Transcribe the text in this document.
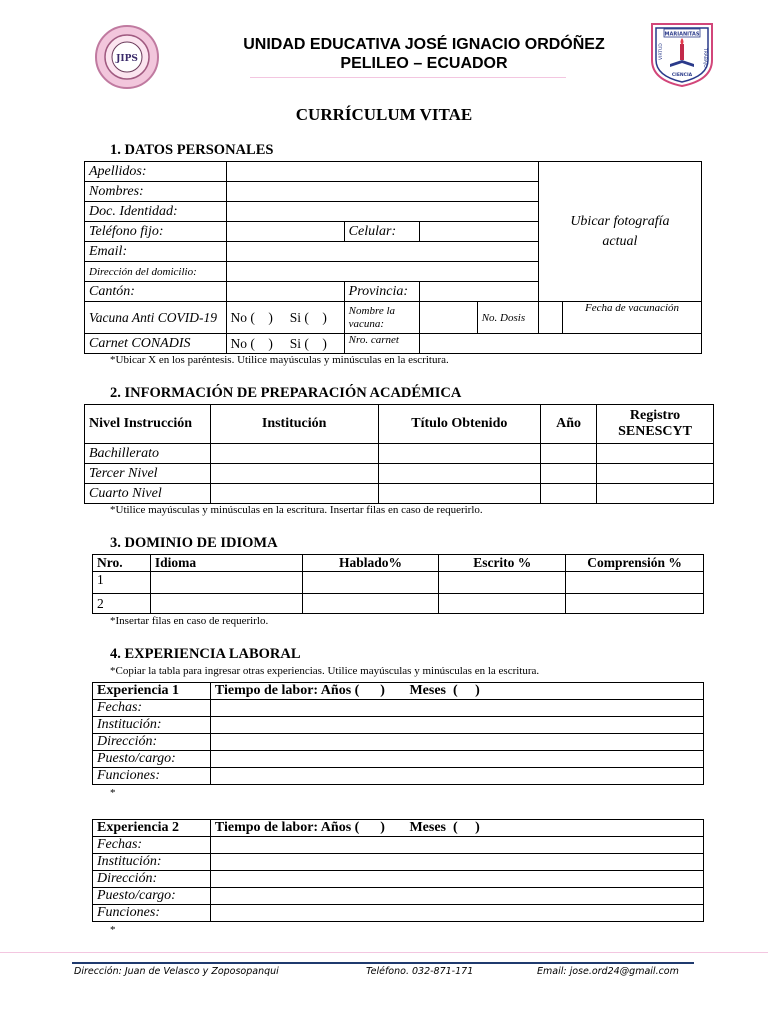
JIPS
UNIDAD EDUCATIVA JOSÉ IGNACIO ORDÓÑEZ
PELILEO – ECUADOR
MARIANITAS
VIRTUD	TRABAJO
CIENCIA
CURRÍCULUM VITAE
1. DATOS PERSONALES
Apellidos:					Ubicar fotografía actual	
Nombres:						
Doc. Identidad:						
Teléfono fijo:		Celular:				
Email:						
Dirección del domicilio:						
Cantón:		Provincia:				
Vacuna Anti COVID-19	No (    )     Si (    )	Nombre la vacuna:		No. Dosis		Fecha de vacunación
Carnet CONADIS	No (    )     Si (    )	Nro. carnet				
*Ubicar X en los paréntesis. Utilice mayúsculas y minúsculas en la escritura.
2. INFORMACIÓN DE PREPARACIÓN ACADÉMICA
Nivel Instrucción	Institución	Título Obtenido	Año	Registro SENESCYT
Bachillerato				
Tercer Nivel				
Cuarto Nivel				
*Utilice mayúsculas y minúsculas en la escritura. Insertar filas en caso de requerirlo.
3. DOMINIO DE IDIOMA
Nro.	Idioma	Hablado%	Escrito %	Comprensión %
1				
2				
*Insertar filas en caso de requerirlo.
4. EXPERIENCIA LABORAL
*Copiar la tabla para ingresar otras experiencias. Utilice mayúsculas y minúsculas en la escritura.
Experiencia 1	Tiempo de labor: Años (      )       Meses  (     )
Fechas:	
Institución:	
Dirección:	
Puesto/cargo:	
Funciones:	
*
Experiencia 2	Tiempo de labor: Años (      )       Meses  (     )
Fechas:	
Institución:	
Dirección:	
Puesto/cargo:	
Funciones:	
*
Dirección: Juan de Velasco y Zoposopanqui	Teléfono. 032-871-171	Email: jose.ord24@gmail.com
